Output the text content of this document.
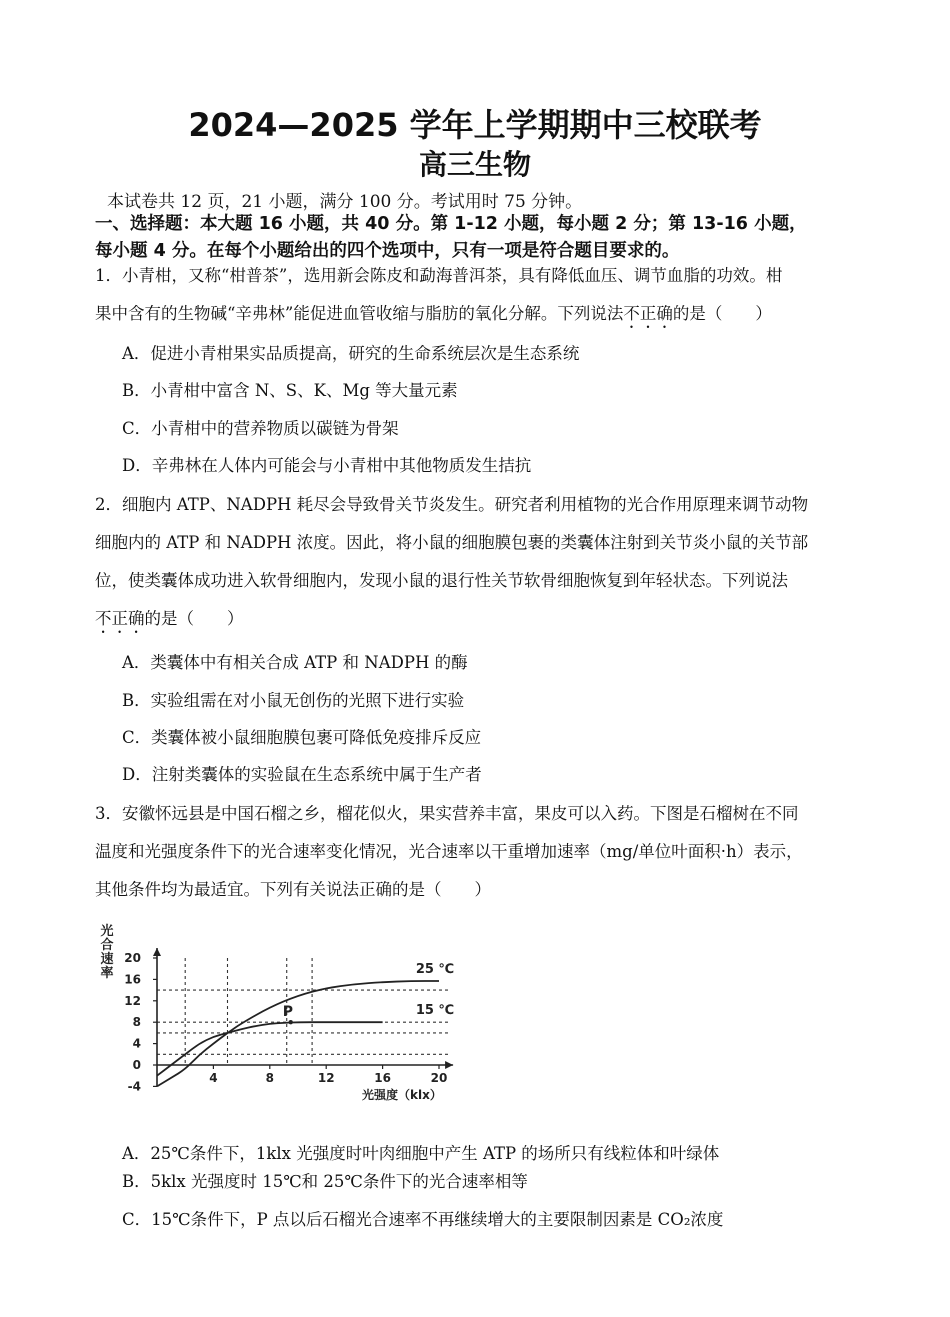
2024—2025 学年上学期期中三校联考
高三生物
本试卷共 12 页，21 小题，满分 100 分。考试用时 75 分钟。
一、选择题：本大题 16 小题，共 40 分。第 1-12 小题，每小题 2 分；第 13-16 小题，
每小题 4 分。在每个小题给出的四个选项中，只有一项是符合题目要求的。
1．小青柑，又称“柑普茶”，选用新会陈皮和勐海普洱茶，具有降低血压、调节血脂的功效。柑
果中含有的生物碱“辛弗林”能促进血管收缩与脂肪的氧化分解。下列说法不正确的是（　　）
A．促进小青柑果实品质提高，研究的生命系统层次是生态系统
B．小青柑中富含 N、S、K、Mg 等大量元素
C．小青柑中的营养物质以碳链为骨架
D．辛弗林在人体内可能会与小青柑中其他物质发生拮抗
2．细胞内 ATP、NADPH 耗尽会导致骨关节炎发生。研究者利用植物的光合作用原理来调节动物
细胞内的 ATP 和 NADPH 浓度。因此，将小鼠的细胞膜包裹的类囊体注射到关节炎小鼠的关节部
位，使类囊体成功进入软骨细胞内，发现小鼠的退行性关节软骨细胞恢复到年轻状态。下列说法
不正确的是（　　）
A．类囊体中有相关合成 ATP 和 NADPH 的酶
B．实验组需在对小鼠无创伤的光照下进行实验
C．类囊体被小鼠细胞膜包裹可降低免疫排斥反应
D．注射类囊体的实验鼠在生态系统中属于生产者
3．安徽怀远县是中国石榴之乡，榴花似火，果实营养丰富，果皮可以入药。下图是石榴树在不同
温度和光强度条件下的光合速率变化情况，光合速率以干重增加速率（mg/单位叶面积·h）表示，
其他条件均为最适宜。下列有关说法正确的是（　　）
-4
0
4
8
12
16
20
4	8	12	16	20
25 ℃
15 ℃
P
光
合
速
率
光强度（klx）
A．25℃条件下，1klx 光强度时叶肉细胞中产生 ATP 的场所只有线粒体和叶绿体
B．5klx 光强度时 15℃和 25℃条件下的光合速率相等
C．15℃条件下，P 点以后石榴光合速率不再继续增大的主要限制因素是 CO₂浓度
